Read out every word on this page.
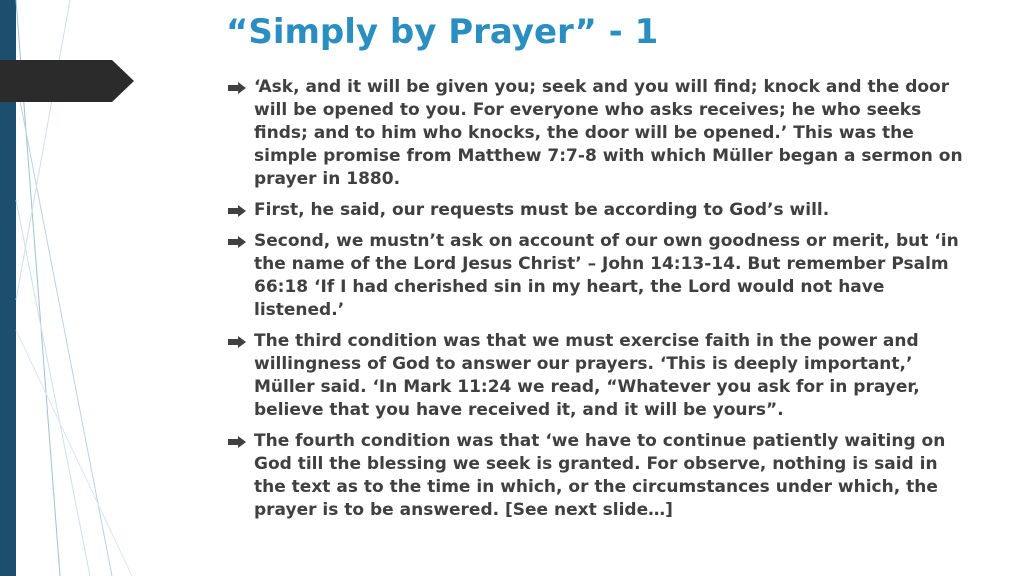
“Simply by Prayer” - 1
‘Ask, and it will be given you; seek and you will find; knock and the door will be opened to you. For everyone who asks receives; he who seeks finds; and to him who knocks, the door will be opened.’ This was the simple promise from Matthew 7:7-8 with which Müller began a sermon on prayer in 1880.
First, he said, our requests must be according to God’s will.
Second, we mustn’t ask on account of our own goodness or merit, but ‘in the name of the Lord Jesus Christ’ – John 14:13-14. But remember Psalm 66:18 ‘If I had cherished sin in my heart, the Lord would not have listened.’
The third condition was that we must exercise faith in the power and willingness of God to answer our prayers. ‘This is deeply important,’ Müller said. ‘In Mark 11:24 we read, “Whatever you ask for in prayer, believe that you have received it, and it will be yours”.
The fourth condition was that ‘we have to continue patiently waiting on God till the blessing we seek is granted. For observe, nothing is said in the text as to the time in which, or the circumstances under which, the prayer is to be answered. [See next slide…]
